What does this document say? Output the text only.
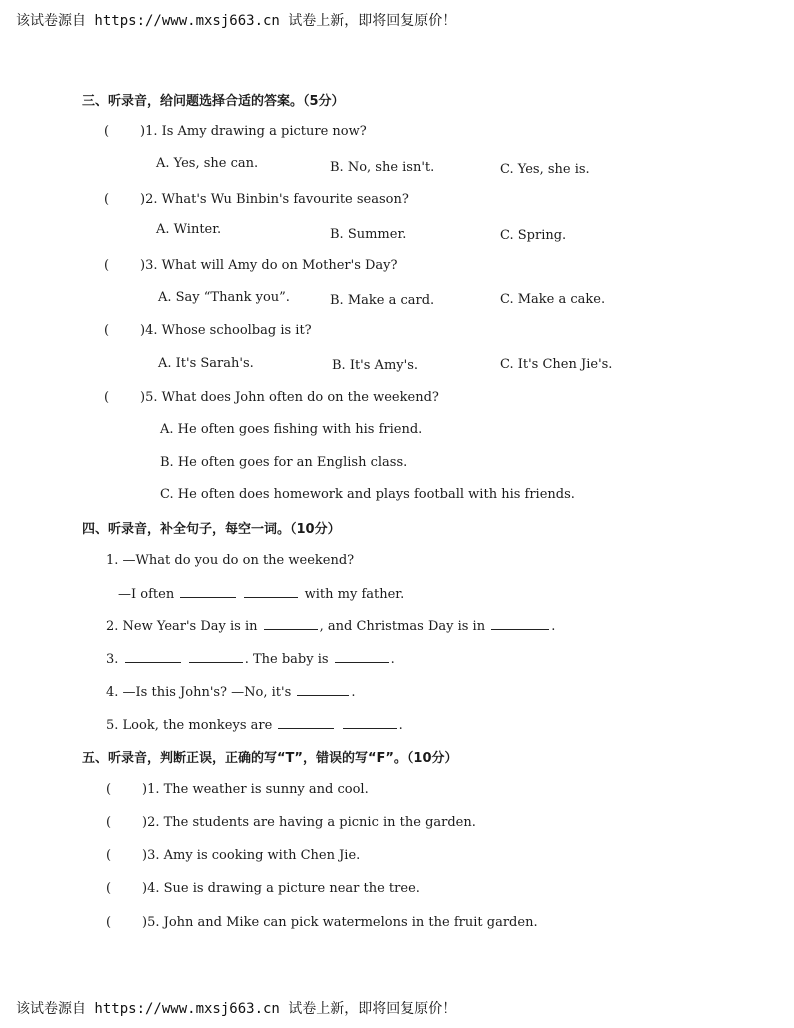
该试卷源自 https://www.mxsj663.cn 试卷上新，即将回复原价！
三、听录音，给问题选择合适的答案。（5分）
( )1. Is Amy drawing a picture now?
A. Yes, she can.	B. No, she isn't.	C. Yes, she is.
( )2. What's Wu Binbin's favourite season?
A. Winter.	B. Summer.	C. Spring.
( )3. What will Amy do on Mother's Day?
A. Say “Thank you”.	B. Make a card.	C. Make a cake.
( )4. Whose schoolbag is it?
A. It's Sarah's.	B. It's Amy's.	C. It's Chen Jie's.
( )5. What does John often do on the weekend?
A. He often goes fishing with his friend.
B. He often goes for an English class.
C. He often does homework and plays football with his friends.
四、听录音，补全句子，每空一词。（10分）
1. —What do you do on the weekend?
—I often	with my father.
2. New Year's Day is in	, and Christmas Day is in	.
3.	. The baby is	.
4. —Is this John's? —No, it's	.
5. Look, the monkeys are	.
五、听录音，判断正误，正确的写“T”，错误的写“F”。（10分）
( )1. The weather is sunny and cool.
( )2. The students are having a picnic in the garden.
( )3. Amy is cooking with Chen Jie.
( )4. Sue is drawing a picture near the tree.
( )5. John and Mike can pick watermelons in the fruit garden.
该试卷源自 https://www.mxsj663.cn 试卷上新，即将回复原价！
